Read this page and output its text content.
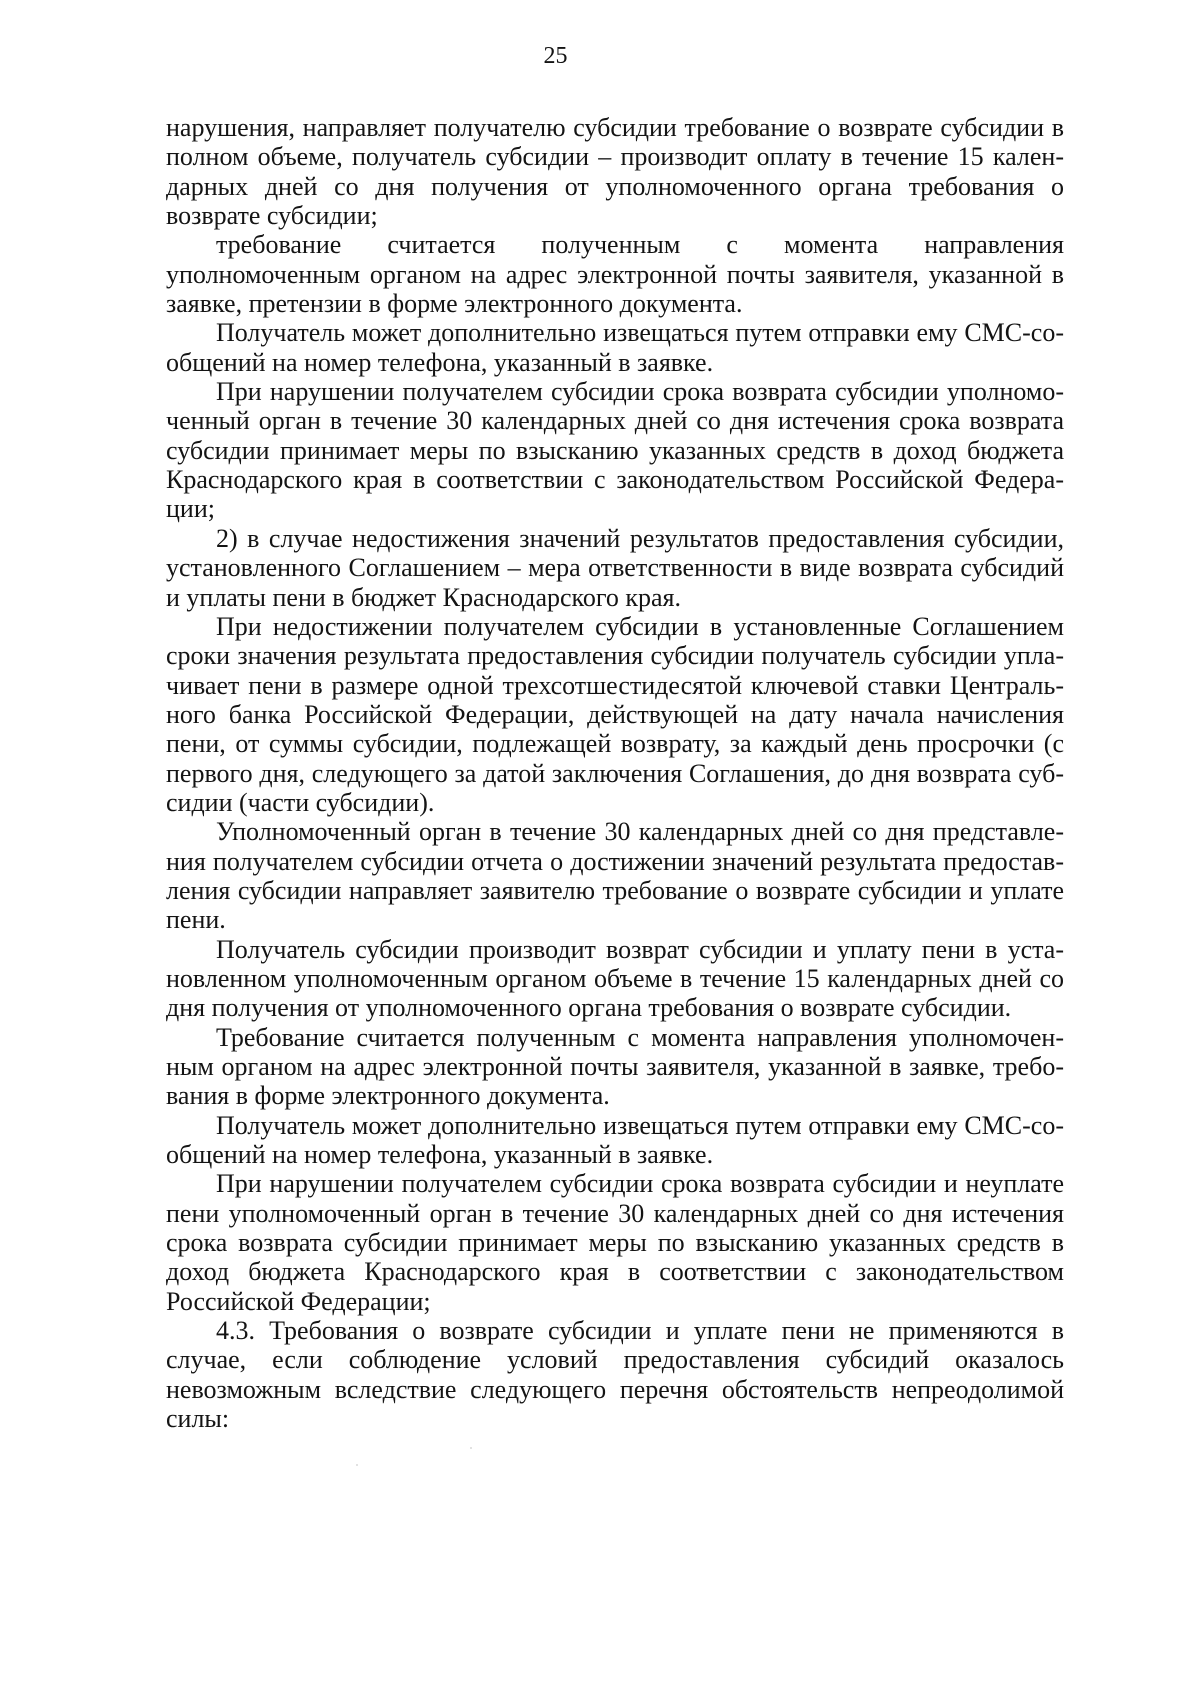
25

нарушения, направляет получателю субсидии требование о возврате субсидии в полном объеме, получатель субсидии – производит оплату в течение 15 календарных дней со дня получения от уполномоченного органа требования о возврате субсидии;

требование считается полученным с момента направления уполномоченным органом на адрес электронной почты заявителя, указанной в заявке, претензии в форме электронного документа.

Получатель может дополнительно извещаться путем отправки ему СМС-сообщений на номер телефона, указанный в заявке.

При нарушении получателем субсидии срока возврата субсидии уполномоченный орган в течение 30 календарных дней со дня истечения срока возврата субсидии принимает меры по взысканию указанных средств в доход бюджета Краснодарского края в соответствии с законодательством Российской Федерации;

2) в случае недостижения значений результатов предоставления субсидии, установленного Соглашением – мера ответственности в виде возврата субсидий и уплаты пени в бюджет Краснодарского края.

При недостижении получателем субсидии в установленные Соглашением сроки значения результата предоставления субсидии получатель субсидии уплачивает пени в размере одной трехсотшестидесятой ключевой ставки Центрального банка Российской Федерации, действующей на дату начала начисления пени, от суммы субсидии, подлежащей возврату, за каждый день просрочки (с первого дня, следующего за датой заключения Соглашения, до дня возврата субсидии (части субсидии).

Уполномоченный орган в течение 30 календарных дней со дня представления получателем субсидии отчета о достижении значений результата предоставления субсидии направляет заявителю требование о возврате субсидии и уплате пени.

Получатель субсидии производит возврат субсидии и уплату пени в установленном уполномоченным органом объеме в течение 15 календарных дней со дня получения от уполномоченного органа требования о возврате субсидии.

Требование считается полученным с момента направления уполномоченным органом на адрес электронной почты заявителя, указанной в заявке, требования в форме электронного документа.

Получатель может дополнительно извещаться путем отправки ему СМС-сообщений на номер телефона, указанный в заявке.

При нарушении получателем субсидии срока возврата субсидии и неуплате пени уполномоченный орган в течение 30 календарных дней со дня истечения срока возврата субсидии принимает меры по взысканию указанных средств в доход бюджета Краснодарского края в соответствии с законодательством Российской Федерации;

4.3. Требования о возврате субсидии и уплате пени не применяются в случае, если соблюдение условий предоставления субсидий оказалось невозможным вследствие следующего перечня обстоятельств непреодолимой силы:
